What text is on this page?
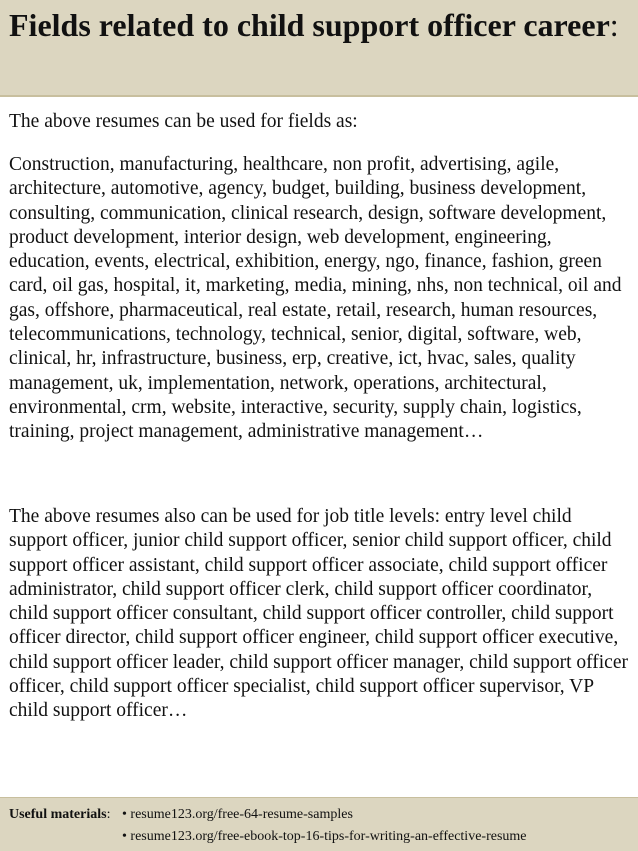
Fields related to child support officer career:

The above resumes can be used for fields as:

Construction, manufacturing, healthcare, non profit, advertising, agile, architecture, automotive, agency, budget, building, business development, consulting, communication, clinical research, design, software development, product development, interior design, web development, engineering, education, events, electrical, exhibition, energy, ngo, finance, fashion, green card, oil gas, hospital, it, marketing, media, mining, nhs, non technical, oil and gas, offshore, pharmaceutical, real estate, retail, research, human resources, telecommunications, technology, technical, senior, digital, software, web, clinical, hr, infrastructure, business, erp, creative, ict, hvac, sales, quality management, uk, implementation, network, operations, architectural, environmental, crm, website, interactive, security, supply chain, logistics, training, project management, administrative management…

The above resumes also can be used for job title levels: entry level child support officer, junior child support officer, senior child support officer, child support officer assistant, child support officer associate, child support officer administrator, child support officer clerk, child support officer coordinator, child support officer consultant, child support officer controller, child support officer director, child support officer engineer, child support officer executive, child support officer leader, child support officer manager, child support officer officer, child support officer specialist, child support officer supervisor, VP child support officer…

Useful materials: • resume123.org/free-64-resume-samples
• resume123.org/free-ebook-top-16-tips-for-writing-an-effective-resume
